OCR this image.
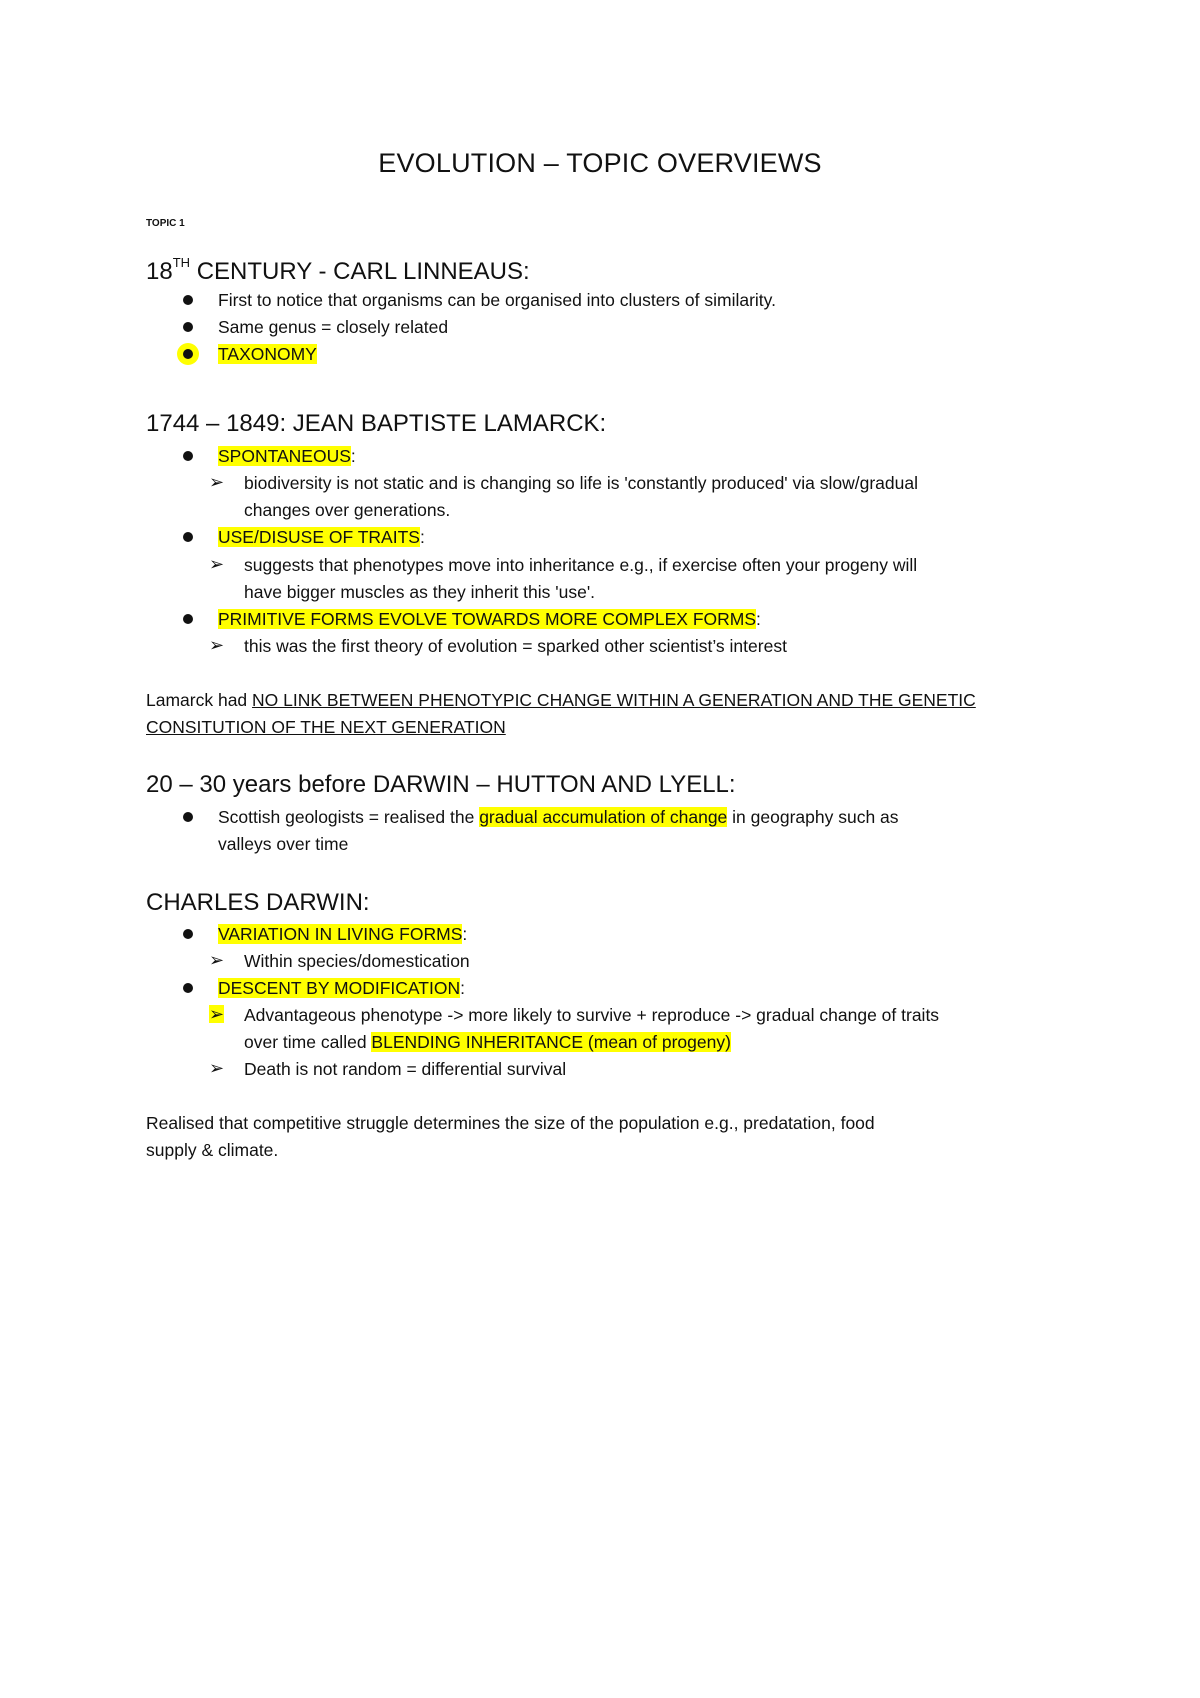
EVOLUTION – TOPIC OVERVIEWS
TOPIC 1
18TH CENTURY - CARL LINNEAUS:
First to notice that organisms can be organised into clusters of similarity.
Same genus = closely related
TAXONOMY
1744 – 1849: JEAN BAPTISTE LAMARCK:
SPONTANEOUS:
➢ biodiversity is not static and is changing so life is 'constantly produced' via slow/gradual
changes over generations.
USE/DISUSE OF TRAITS:
➢ suggests that phenotypes move into inheritance e.g., if exercise often your progeny will
have bigger muscles as they inherit this 'use'.
PRIMITIVE FORMS EVOLVE TOWARDS MORE COMPLEX FORMS:
➢ this was the first theory of evolution = sparked other scientist’s interest
Lamarck had NO LINK BETWEEN PHENOTYPIC CHANGE WITHIN A GENERATION AND THE GENETIC
CONSITUTION OF THE NEXT GENERATION
20 – 30 years before DARWIN – HUTTON AND LYELL:
Scottish geologists = realised the gradual accumulation of change in geography such as
valleys over time
CHARLES DARWIN:
VARIATION IN LIVING FORMS:
➢ Within species/domestication
DESCENT BY MODIFICATION:
➢ Advantageous phenotype -> more likely to survive + reproduce -> gradual change of traits
over time called BLENDING INHERITANCE (mean of progeny)
➢ Death is not random = differential survival
Realised that competitive struggle determines the size of the population e.g., predatation, food
supply & climate.
